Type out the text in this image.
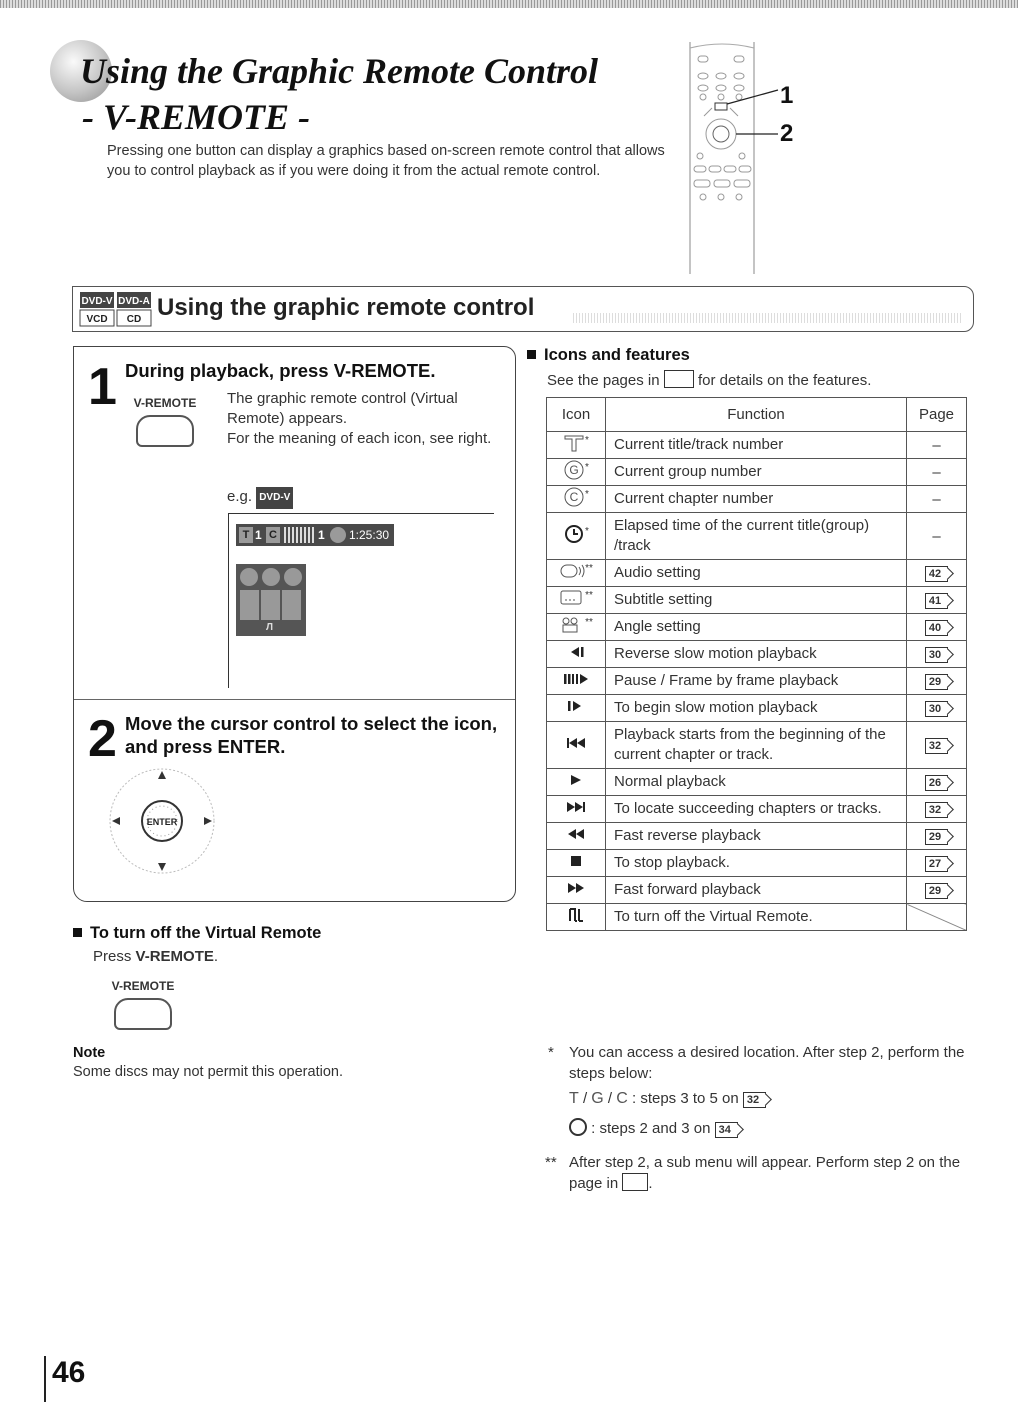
Using the Graphic Remote Control
- V-REMOTE -
Pressing one button can display a graphics based on-screen remote control that allows you to control playback as if you were doing it from the actual remote control.
1
2
DVD-V DVD-A
VCD CD Using the graphic remote control
1 During playback, press V-REMOTE.
V-REMOTE The graphic remote control (Virtual Remote) appears.
For the meaning of each icon, see right.
e.g. DVD-V
T 1 C	1 1:25:30
Л
2 Move the cursor control to select the icon, and press ENTER.
ENTER
To turn off the Virtual Remote
Press V-REMOTE.
V-REMOTE
Note
Some discs may not permit this operation.
Icons and features
See the pages in	for details on the features.
Icon	Function	Page
*	Current title/track number	–

G *	Current group number	–

C *	Current chapter number	–
*	Elapsed time of the current title(group) /track	–
**	Audio setting	42
**	Subtitle setting	41
**	Angle setting	40
	Reverse slow motion playback	30
	Pause / Frame by frame playback	29
	To begin slow motion playback	30
	Playback starts from the beginning of the current chapter or track.	32
	Normal playback	26
	To locate succeeding chapters or tracks.	32
	Fast reverse playback	29
	To stop playback.	27
	Fast forward playback	29
	To turn off the Virtual Remote.	
* You can access a desired location. After step 2, perform the steps below:
T / G / C : steps 3 to 5 on 32
: steps 2 and 3 on 34
** After step 2, a sub menu will appear. Perform step 2 on the page in .
46
